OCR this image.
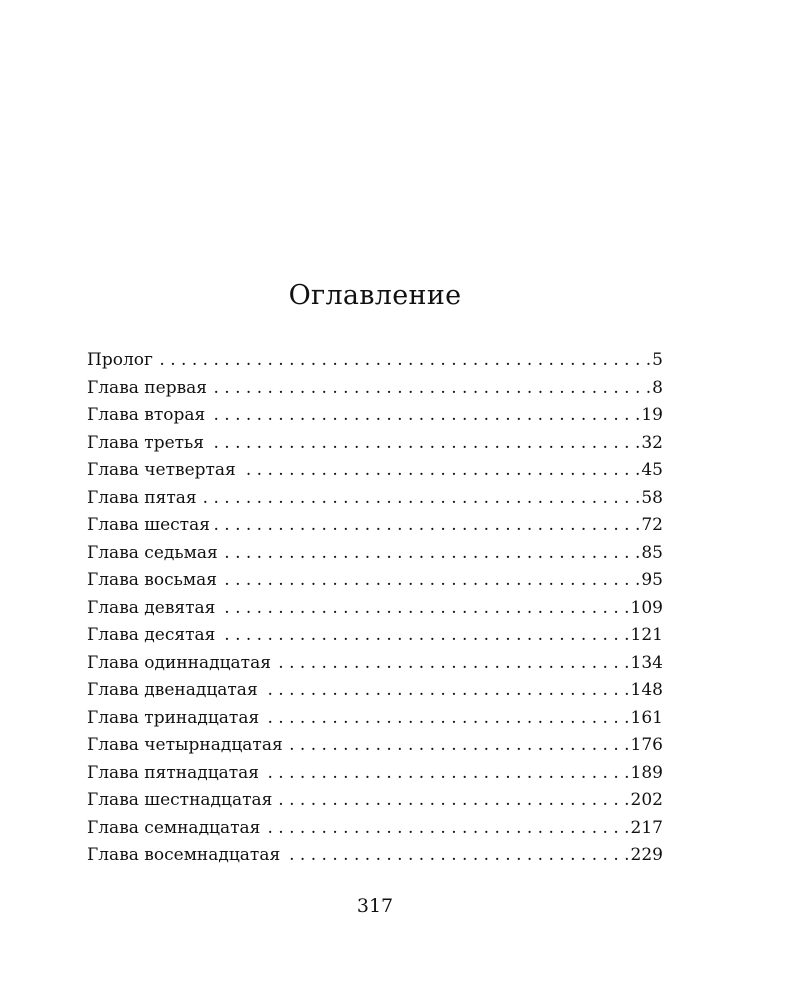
Оглавление
Пролог . . .	5
Глава первая . . .	8
Глава вторая . . .	19
Глава третья . . .	32
Глава четвертая . . .	45
Глава пятая . . .	58
Глава шестая . . .	72
Глава седьмая . . .	85
Глава восьмая . . .	95
Глава девятая . . .	109
Глава десятая . . .	121
Глава одиннадцатая . . .	134
Глава двенадцатая . . .	148
Глава тринадцатая . . .	161
Глава четырнадцатая . . .	176
Глава пятнадцатая . . .	189
Глава шестнадцатая . . .	202
Глава семнадцатая . . .	217
Глава восемнадцатая . . .	229

317
